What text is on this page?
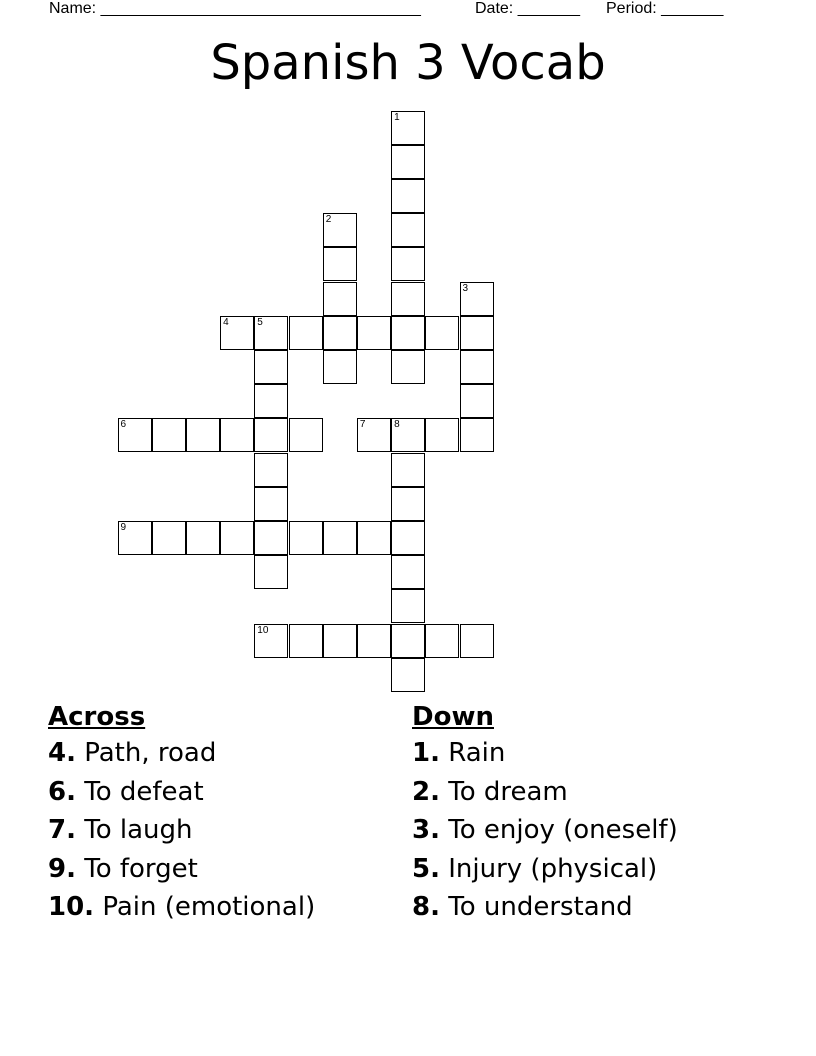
Name: ____________________________________	Date: _______ Period: _______
Spanish 3 Vocab
1
2
3
4	5
6	7	8
9
10
Across
4. Path, road
6. To defeat
7. To laugh
9. To forget
10. Pain (emotional)
Down
1. Rain
2. To dream
3. To enjoy (oneself)
5. Injury (physical)
8. To understand
